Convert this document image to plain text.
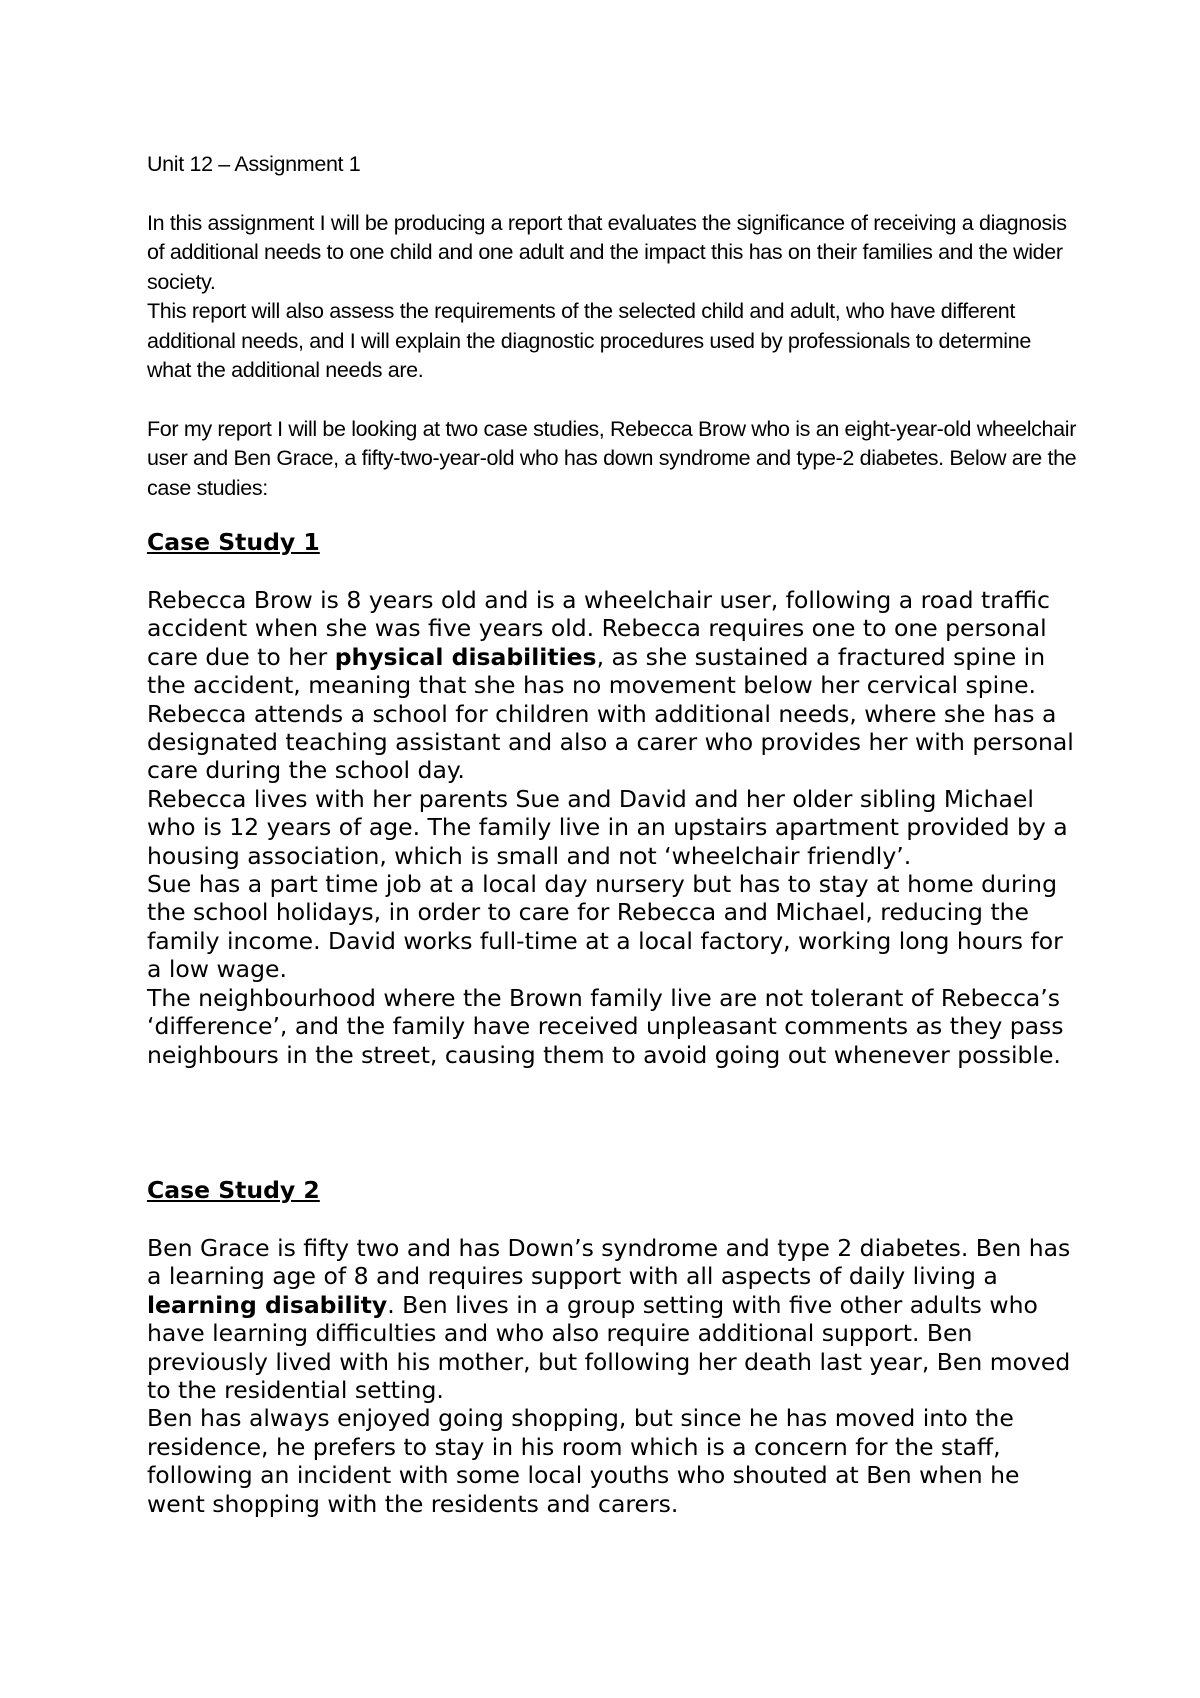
Unit 12 – Assignment 1

In this assignment I will be producing a report that evaluates the significance of receiving a diagnosis of additional needs to one child and one adult and the impact this has on their families and the wider society.

This report will also assess the requirements of the selected child and adult, who have different additional needs, and I will explain the diagnostic procedures used by professionals to determine what the additional needs are.

For my report I will be looking at two case studies, Rebecca Brow who is an eight-year-old wheelchair user and Ben Grace, a fifty-two-year-old who has down syndrome and type-2 diabetes. Below are the case studies:

Case Study 1

Rebecca Brow is 8 years old and is a wheelchair user, following a road traffic accident when she was five years old. Rebecca requires one to one personal care due to her physical disabilities, as she sustained a fractured spine in the accident, meaning that she has no movement below her cervical spine.

Rebecca attends a school for children with additional needs, where she has a designated teaching assistant and also a carer who provides her with personal care during the school day.

Rebecca lives with her parents Sue and David and her older sibling Michael who is 12 years of age. The family live in an upstairs apartment provided by a housing association, which is small and not ‘wheelchair friendly’.

Sue has a part time job at a local day nursery but has to stay at home during the school holidays, in order to care for Rebecca and Michael, reducing the family income. David works full-time at a local factory, working long hours for a low wage.

The neighbourhood where the Brown family live are not tolerant of Rebecca’s ‘difference’, and the family have received unpleasant comments as they pass neighbours in the street, causing them to avoid going out whenever possible.

Case Study 2

Ben Grace is fifty two and has Down’s syndrome and type 2 diabetes. Ben has a learning age of 8 and requires support with all aspects of daily living a learning disability. Ben lives in a group setting with five other adults who have learning difficulties and who also require additional support. Ben previously lived with his mother, but following her death last year, Ben moved to the residential setting.

Ben has always enjoyed going shopping, but since he has moved into the residence, he prefers to stay in his room which is a concern for the staff, following an incident with some local youths who shouted at Ben when he went shopping with the residents and carers.
